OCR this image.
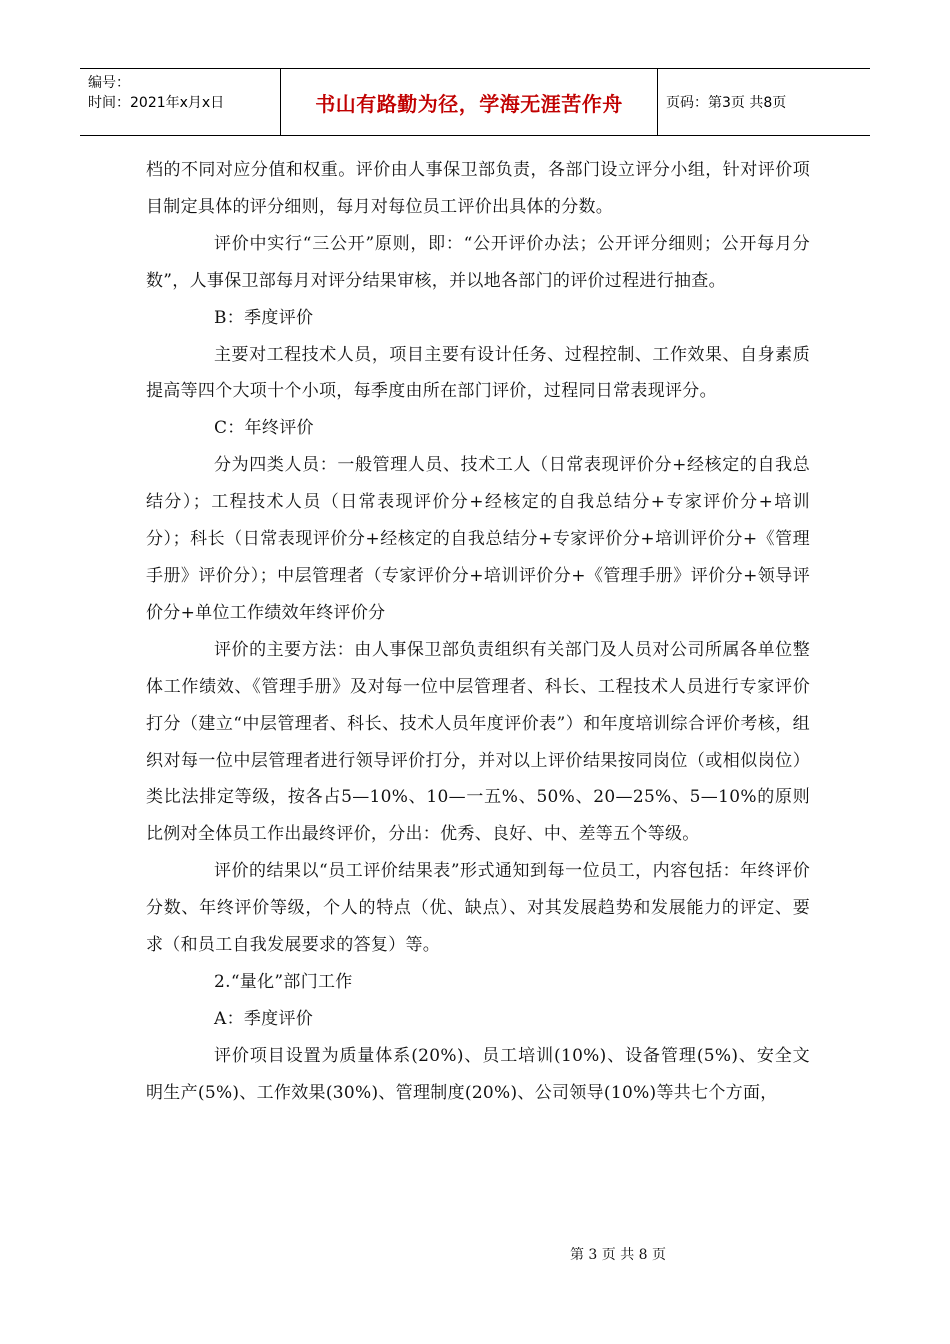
编号：
时间：2021年x月x日	书山有路勤为径，学海无涯苦作舟	页码：第3页 共8页

档的不同对应分值和权重。评价由人事保卫部负责，各部门设立评分小组，针对评价项目制定具体的评分细则，每月对每位员工评价出具体的分数。

评价中实行“三公开”原则，即：“公开评价办法；公开评分细则；公开每月分数”，人事保卫部每月对评分结果审核，并以地各部门的评价过程进行抽查。

B：季度评价

主要对工程技术人员，项目主要有设计任务、过程控制、工作效果、自身素质提高等四个大项十个小项，每季度由所在部门评价，过程同日常表现评分。

C：年终评价

分为四类人员：一般管理人员、技术工人（日常表现评价分+经核定的自我总结分）；工程技术人员（日常表现评价分+经核定的自我总结分+专家评价分+培训分）；科长（日常表现评价分+经核定的自我总结分+专家评价分+培训评价分+《管理手册》评价分）；中层管理者（专家评价分+培训评价分+《管理手册》评价分+领导评价分+单位工作绩效年终评价分

评价的主要方法：由人事保卫部负责组织有关部门及人员对公司所属各单位整体工作绩效、《管理手册》及对每一位中层管理者、科长、工程技术人员进行专家评价打分（建立“中层管理者、科长、技术人员年度评价表”）和年度培训综合评价考核，组织对每一位中层管理者进行领导评价打分，并对以上评价结果按同岗位（或相似岗位）类比法排定等级，按各占5—10%、10—一五%、50%、20—25%、5—10%的原则比例对全体员工作出最终评价，分出：优秀、良好、中、差等五个等级。

评价的结果以“员工评价结果表”形式通知到每一位员工，内容包括：年终评价分数、年终评价等级，个人的特点（优、缺点）、对其发展趋势和发展能力的评定、要求（和员工自我发展要求的答复）等。

2.“量化”部门工作

A：季度评价

评价项目设置为质量体系(20%)、员工培训(10%)、设备管理(5%)、安全文明生产(5%)、工作效果(30%)、管理制度(20%)、公司领导(10%)等共七个方面，

第 3 页 共 8 页
